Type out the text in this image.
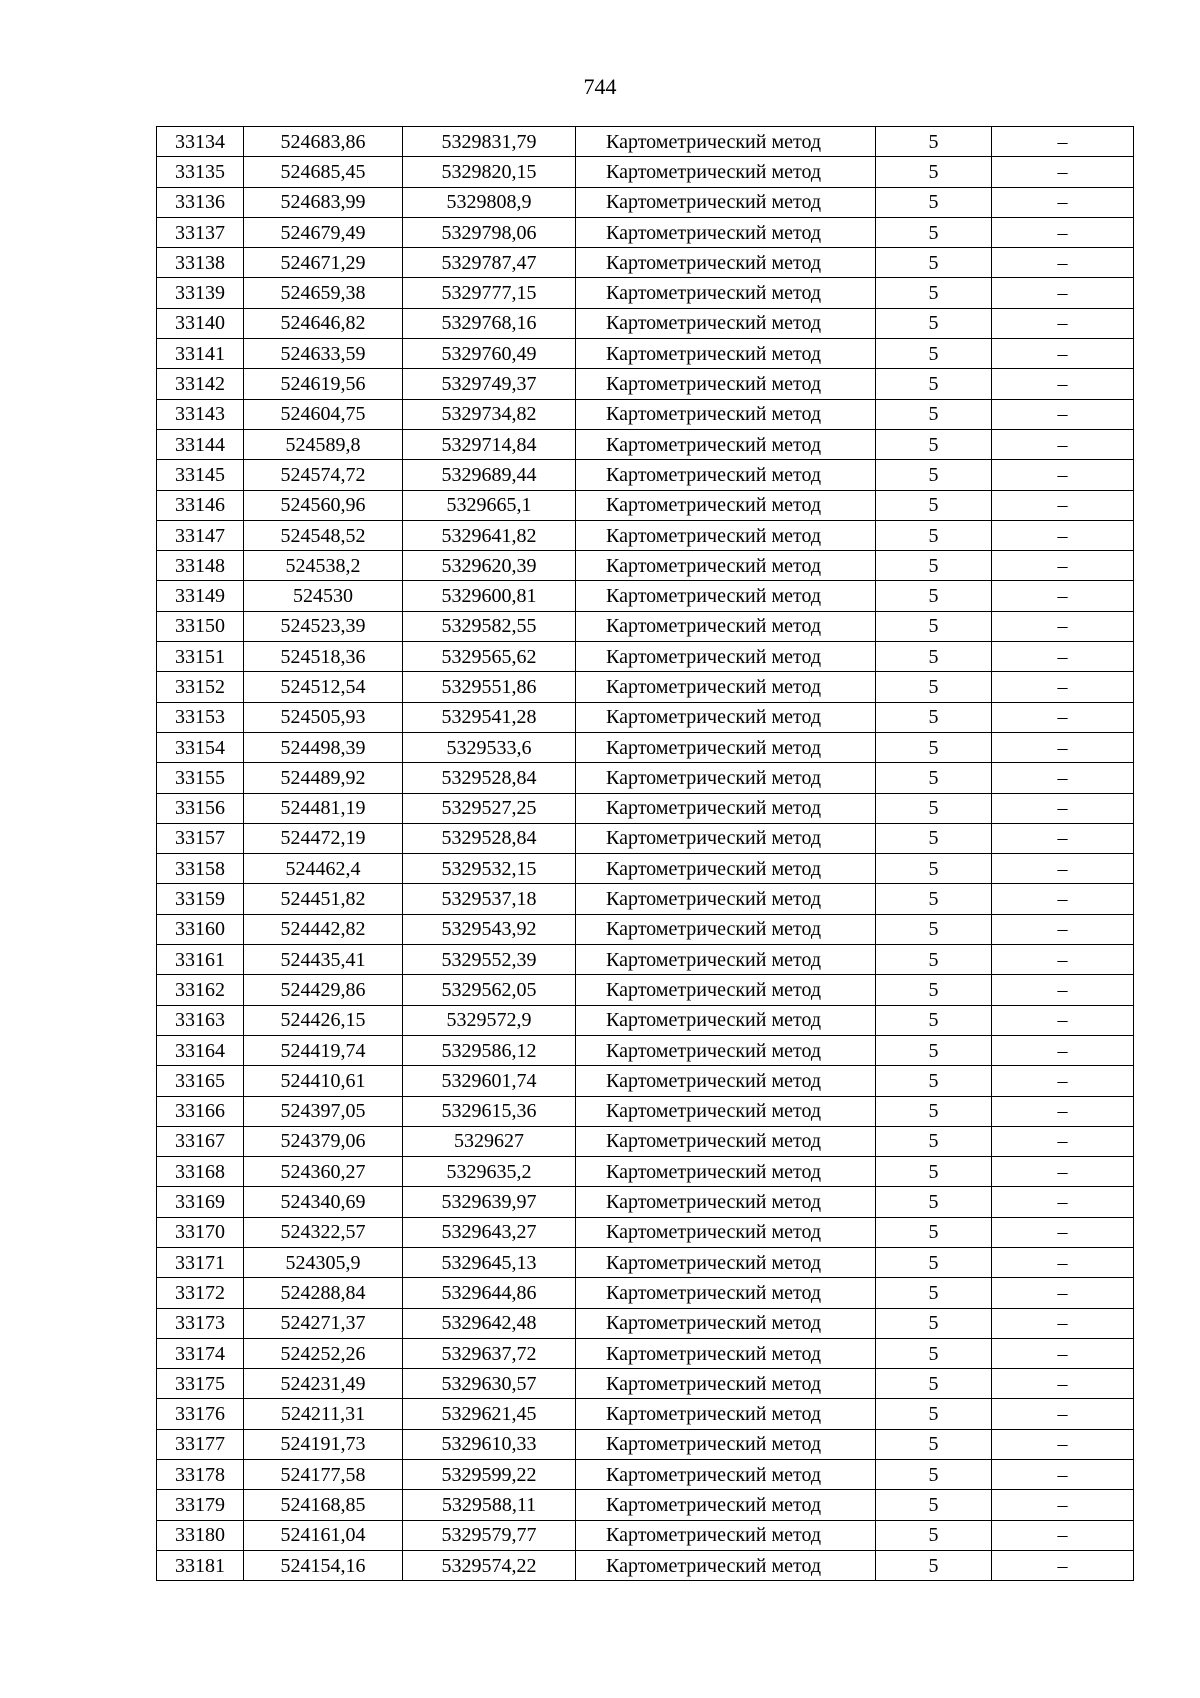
744
33134	524683,86	5329831,79	Картометрический метод	5	–
33135	524685,45	5329820,15	Картометрический метод	5	–
33136	524683,99	5329808,9	Картометрический метод	5	–
33137	524679,49	5329798,06	Картометрический метод	5	–
33138	524671,29	5329787,47	Картометрический метод	5	–
33139	524659,38	5329777,15	Картометрический метод	5	–
33140	524646,82	5329768,16	Картометрический метод	5	–
33141	524633,59	5329760,49	Картометрический метод	5	–
33142	524619,56	5329749,37	Картометрический метод	5	–
33143	524604,75	5329734,82	Картометрический метод	5	–
33144	524589,8	5329714,84	Картометрический метод	5	–
33145	524574,72	5329689,44	Картометрический метод	5	–
33146	524560,96	5329665,1	Картометрический метод	5	–
33147	524548,52	5329641,82	Картометрический метод	5	–
33148	524538,2	5329620,39	Картометрический метод	5	–
33149	524530	5329600,81	Картометрический метод	5	–
33150	524523,39	5329582,55	Картометрический метод	5	–
33151	524518,36	5329565,62	Картометрический метод	5	–
33152	524512,54	5329551,86	Картометрический метод	5	–
33153	524505,93	5329541,28	Картометрический метод	5	–
33154	524498,39	5329533,6	Картометрический метод	5	–
33155	524489,92	5329528,84	Картометрический метод	5	–
33156	524481,19	5329527,25	Картометрический метод	5	–
33157	524472,19	5329528,84	Картометрический метод	5	–
33158	524462,4	5329532,15	Картометрический метод	5	–
33159	524451,82	5329537,18	Картометрический метод	5	–
33160	524442,82	5329543,92	Картометрический метод	5	–
33161	524435,41	5329552,39	Картометрический метод	5	–
33162	524429,86	5329562,05	Картометрический метод	5	–
33163	524426,15	5329572,9	Картометрический метод	5	–
33164	524419,74	5329586,12	Картометрический метод	5	–
33165	524410,61	5329601,74	Картометрический метод	5	–
33166	524397,05	5329615,36	Картометрический метод	5	–
33167	524379,06	5329627	Картометрический метод	5	–
33168	524360,27	5329635,2	Картометрический метод	5	–
33169	524340,69	5329639,97	Картометрический метод	5	–
33170	524322,57	5329643,27	Картометрический метод	5	–
33171	524305,9	5329645,13	Картометрический метод	5	–
33172	524288,84	5329644,86	Картометрический метод	5	–
33173	524271,37	5329642,48	Картометрический метод	5	–
33174	524252,26	5329637,72	Картометрический метод	5	–
33175	524231,49	5329630,57	Картометрический метод	5	–
33176	524211,31	5329621,45	Картометрический метод	5	–
33177	524191,73	5329610,33	Картометрический метод	5	–
33178	524177,58	5329599,22	Картометрический метод	5	–
33179	524168,85	5329588,11	Картометрический метод	5	–
33180	524161,04	5329579,77	Картометрический метод	5	–
33181	524154,16	5329574,22	Картометрический метод	5	–
